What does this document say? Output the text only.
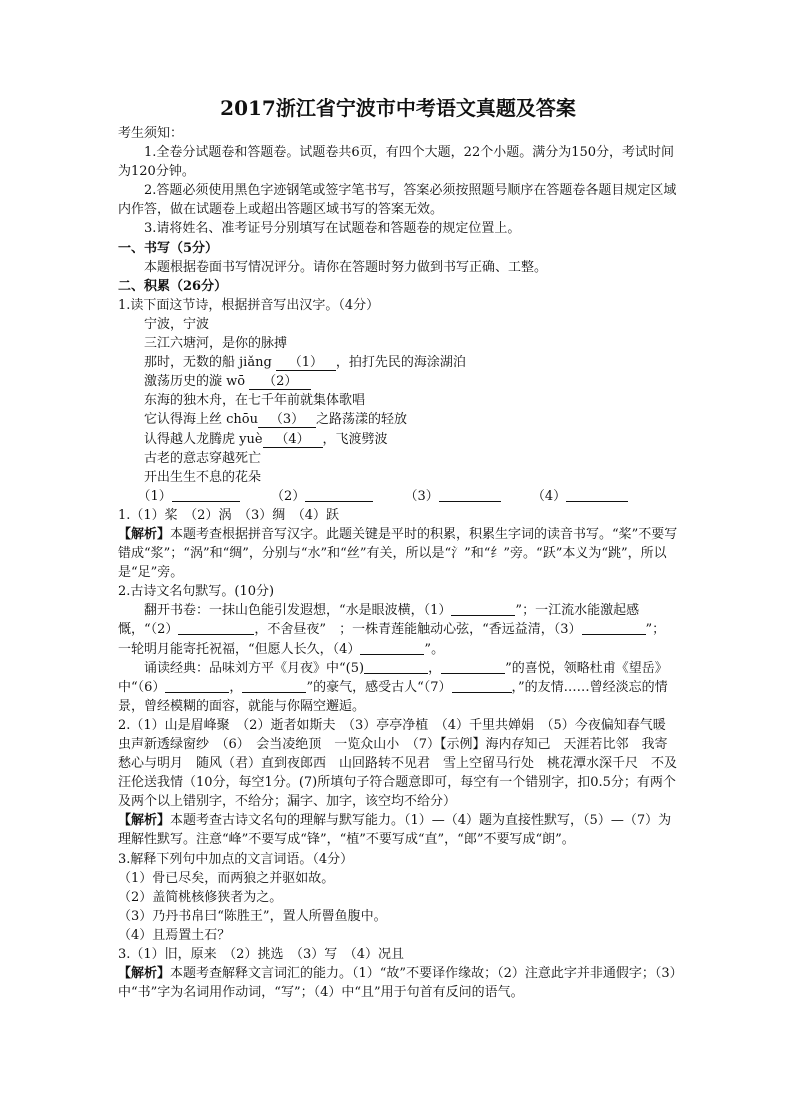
2017浙江省宁波市中考语文真题及答案

考生须知：

1.全卷分试题卷和答题卷。试题卷共6页，有四个大题，22个小题。满分为150分，考试时间为120分钟。

2.答题必须使用黑色字迹钢笔或签字笔书写，答案必须按照题号顺序在答题卷各题目规定区域内作答，做在试题卷上或超出答题区域书写的答案无效。

3.请将姓名、准考证号分别填写在试题卷和答题卷的规定位置上。

一、书写（5分）

本题根据卷面书写情况评分。请你在答题时努力做到书写正确、工整。

二、积累（26分）

1.读下面这节诗，根据拼音写出汉字。（4分）

宁波，宁波

三江六塘河，是你的脉搏

那时，无数的船 jiǎng （1） ，拍打先民的海涂湖泊

激荡历史的漩 wō （2）

东海的独木舟，在七千年前就集体歌唱

它认得海上丝 chōu （3） 之路荡漾的轻放

认得越人龙腾虎 yuè （4） ，飞渡劈波

古老的意志穿越死亡

开出生生不息的花朵

（1）	（2）	（3）	（4）

1.（1）桨　（2）涡　（3）绸　（4）跃

【解析】本题考查根据拼音写汉字。此题关键是平时的积累，积累生字词的读音书写。“桨”不要写错成“浆”；“涡”和“绸”，分别与“水”和“丝”有关，所以是“氵”和“纟”旁。“跃”本义为“跳”，所以是“足”旁。

2.古诗文名句默写。(10分)

翻开书卷：一抹山色能引发遐想，“水是眼波横，（1）	”；一江流水能激起感慨，“（2）	，不舍昼夜”　；一株青莲能触动心弦，“香远益清，（3）	”；一轮明月能寄托祝福，“但愿人长久，（4）	”。

诵读经典：品味刘方平《月夜》中“(5)	，	”的喜悦，领略杜甫《望岳》中“（6）	，	”的豪气，感受古人“（7）	，”的友情……曾经淡忘的情景，曾经模糊的面容，就能与你隔空邂逅。

2.（1）山是眉峰聚　（2）逝者如斯夫　（3）亭亭净植　（4）千里共婵娟　（5）今夜偏知春气暖　虫声新透绿窗纱　（6）　会当凌绝顶　一览众山小　（7）【示例】海内存知己　天涯若比邻　我寄愁心与明月　随风（君）直到夜郎西　山回路转不见君　雪上空留马行处　桃花潭水深千尺　不及汪伦送我情（10分，每空1分。(7)所填句子符合题意即可，每空有一个错别字，扣0.5分；有两个及两个以上错别字，不给分；漏字、加字，该空均不给分）

【解析】本题考查古诗文名句的理解与默写能力。（1）—（4）题为直接性默写，（5）—（7）为理解性默写。注意“峰”不要写成“锋”，“植”不要写成“直”，“郎”不要写成“朗”。

3.解释下列句中加点的文言词语。（4分）

（1）骨已尽矣，而两狼之并驱如故。

（2）盖简桃核修狭者为之。

（3）乃丹书帛曰“陈胜王”，置人所罾鱼腹中。

（4）且焉置土石？

3.（1）旧，原来　（2）挑选　（3）写　（4）况且

【解析】本题考查解释文言词汇的能力。（1）“故”不要译作缘故；（2）注意此字并非通假字；（3）中“书”字为名词用作动词，“写”；（4）中“且”用于句首有反问的语气。
